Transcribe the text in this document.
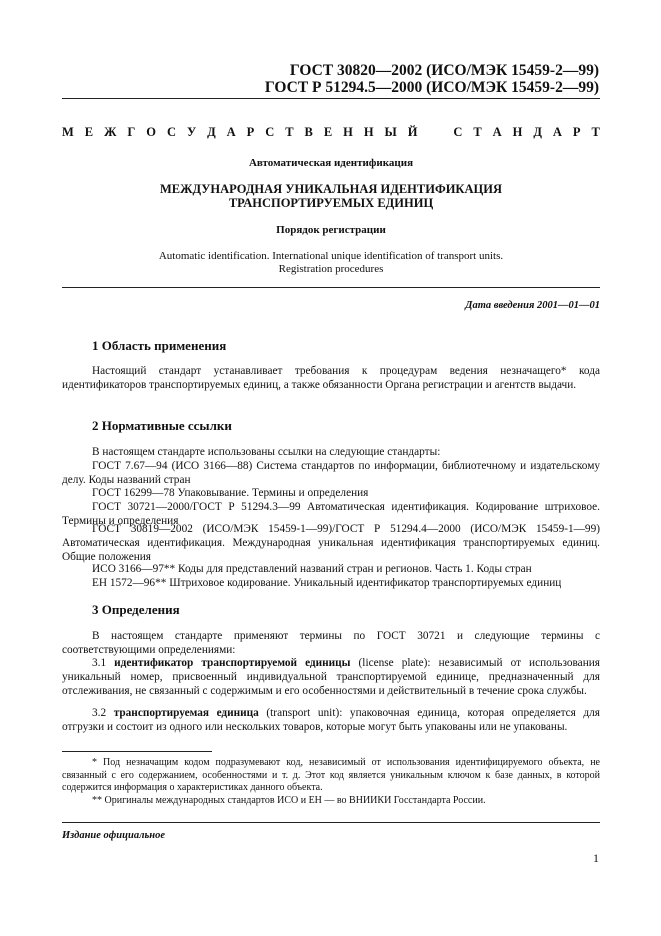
ГОСТ 30820—2002 (ИСО/МЭК 15459-2—99)
ГОСТ Р 51294.5—2000 (ИСО/МЭК 15459-2—99)
М Е Ж Г О С У Д А Р С Т В Е Н Н Ы Й	С Т А Н Д А Р Т
Автоматическая идентификация
МЕЖДУНАРОДНАЯ УНИКАЛЬНАЯ ИДЕНТИФИКАЦИЯ
ТРАНСПОРТИРУЕМЫХ ЕДИНИЦ
Порядок регистрации
Automatic identification. International unique identification of transport units.
Registration procedures
Дата введения 2001—01—01
1 Область применения
Настоящий стандарт устанавливает требования к процедурам ведения незначащего* кода идентификаторов транспортируемых единиц, а также обязанности Органа регистрации и агентств выдачи.
2 Нормативные ссылки
В настоящем стандарте использованы ссылки на следующие стандарты:
ГОСТ 7.67—94 (ИСО 3166—88) Система стандартов по информации, библиотечному и издательскому делу. Коды названий стран
ГОСТ 16299—78 Упаковывание. Термины и определения
ГОСТ 30721—2000/ГОСТ Р 51294.3—99 Автоматическая идентификация. Кодирование штриховое. Термины и определения
ГОСТ 30819—2002 (ИСО/МЭК 15459-1—99)/ГОСТ Р 51294.4—2000 (ИСО/МЭК 15459-1—99) Автоматическая идентификация. Международная уникальная идентификация транспортируемых единиц. Общие положения
ИСО 3166—97** Коды для представлений названий стран и регионов. Часть 1. Коды стран
ЕН 1572—96** Штриховое кодирование. Уникальный идентификатор транспортируемых единиц
3 Определения
В настоящем стандарте применяют термины по ГОСТ 30721 и следующие термины с соответствующими определениями:
3.1 идентификатор транспортируемой единицы (license plate): независимый от использования уникальный номер, присвоенный индивидуальной транспортируемой единице, предназначенный для отслеживания, не связанный с содержимым и его особенностями и действительный в течение срока службы.
3.2 транспортируемая единица (transport unit): упаковочная единица, которая определяется для отгрузки и состоит из одного или нескольких товаров, которые могут быть упакованы или не упакованы.
* Под незначащим кодом подразумевают код, независимый от использования идентифицируемого объекта, не связанный с его содержанием, особенностями и т. д. Этот код является уникальным ключом к базе данных, в которой содержится информация о характеристиках данного объекта.
** Оригиналы международных стандартов ИСО и ЕН — во ВНИИКИ Госстандарта России.
Издание официальное
1
